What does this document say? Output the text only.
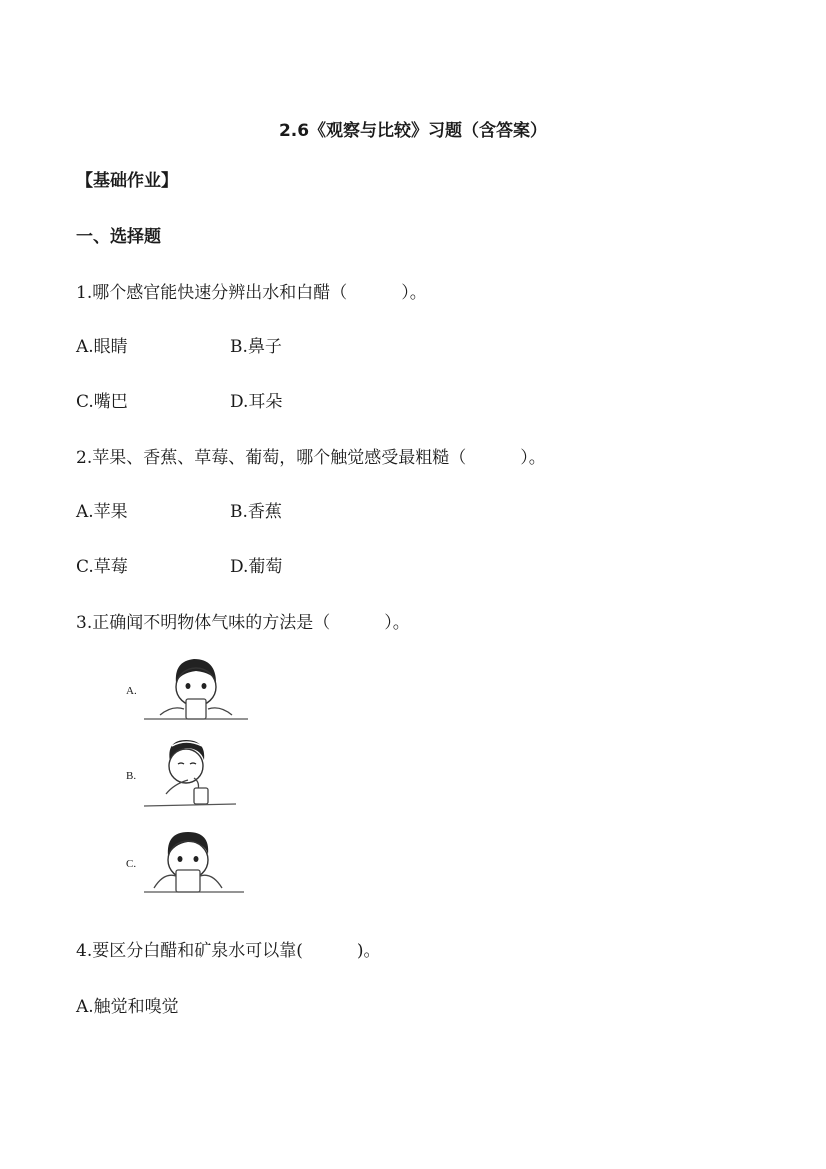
2.6《观察与比较》习题（含答案）
【基础作业】
一、选择题
1.哪个感官能快速分辨出水和白醋（          ）。
A.眼睛	B.鼻子
C.嘴巴	D.耳朵
2.苹果、香蕉、草莓、葡萄，哪个触觉感受最粗糙（          ）。
A.苹果	B.香蕉
C.草莓	D.葡萄
3.正确闻不明物体气味的方法是（          ）。
A.
B.
C.
4.要区分白醋和矿泉水可以靠(          )。
A.触觉和嗅觉
